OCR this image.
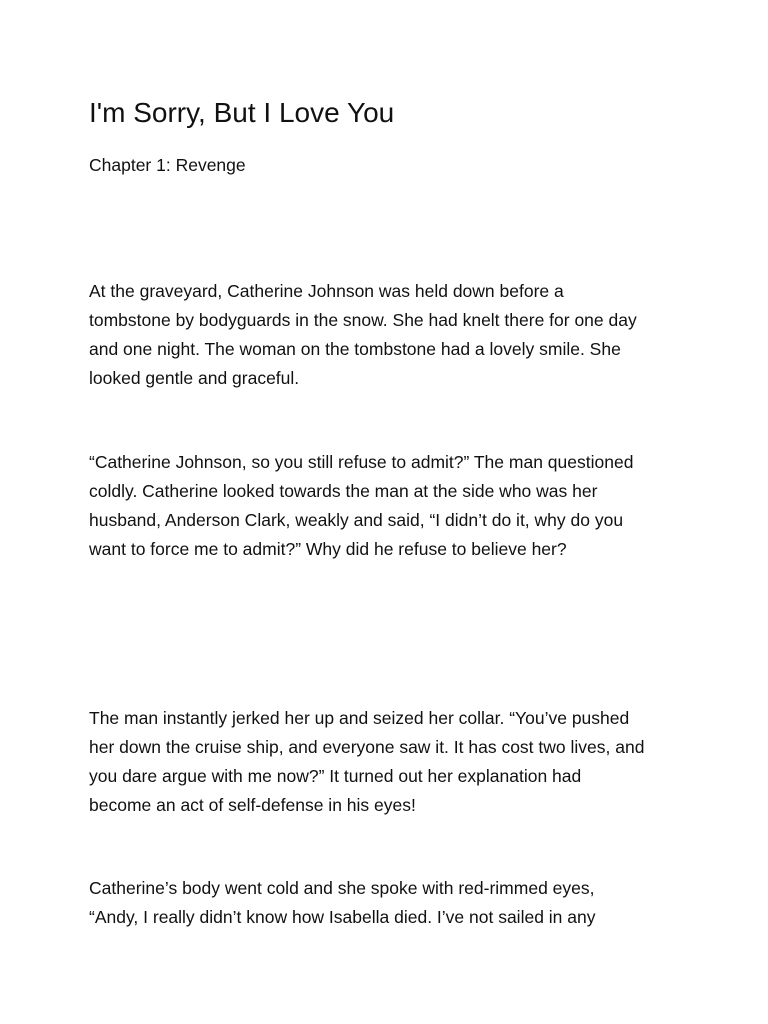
I'm Sorry, But I Love You

Chapter 1: Revenge

At the graveyard, Catherine Johnson was held down before a
tombstone by bodyguards in the snow. She had knelt there for one day
and one night. The woman on the tombstone had a lovely smile. She
looked gentle and graceful.
“Catherine Johnson, so you still refuse to admit?” The man questioned
coldly. Catherine looked towards the man at the side who was her
husband, Anderson Clark, weakly and said, “I didn’t do it, why do you
want to force me to admit?” Why did he refuse to believe her?
The man instantly jerked her up and seized her collar. “You’ve pushed
her down the cruise ship, and everyone saw it. It has cost two lives, and
you dare argue with me now?” It turned out her explanation had
become an act of self-defense in his eyes!
Catherine’s body went cold and she spoke with red-rimmed eyes,
“Andy, I really didn’t know how Isabella died. I’ve not sailed in any
